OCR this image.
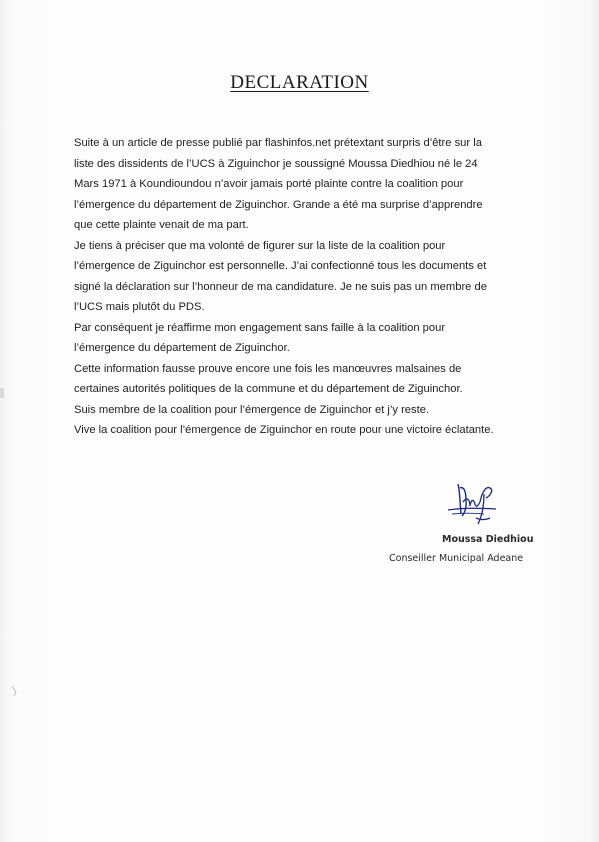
DECLARATION
Suite à un article de presse publié par flashinfos.net prétextant surpris d’être sur la
liste des dissidents de l’UCS à Ziguinchor je soussigné Moussa Diedhiou né le 24
Mars 1971 à Koundioundou n’avoir jamais porté plainte contre la coalition pour
l’émergence du département de Ziguinchor. Grande a été ma surprise d’apprendre
que cette plainte venait de ma part.
Je tiens à préciser que ma volonté de figurer sur la liste de la coalition pour
l’émergence de Ziguinchor est personnelle. J’ai confectionné tous les documents et
signé la déclaration sur l’honneur de ma candidature. Je ne suis pas un membre de
l’UCS mais plutôt du PDS.
Par conséquent je réaffirme mon engagement sans faille à la coalition pour
l’émergence du département de Ziguinchor.
Cette information fausse prouve encore une fois les manœuvres malsaines de
certaines autorités politiques de la commune et du département de Ziguinchor.
Suis membre de la coalition pour l’émergence de Ziguinchor et j’y reste.
Vive la coalition pour l’émergence de Ziguinchor en route pour une victoire éclatante.
Moussa Diedhiou
Conseiller Municipal Adeane
